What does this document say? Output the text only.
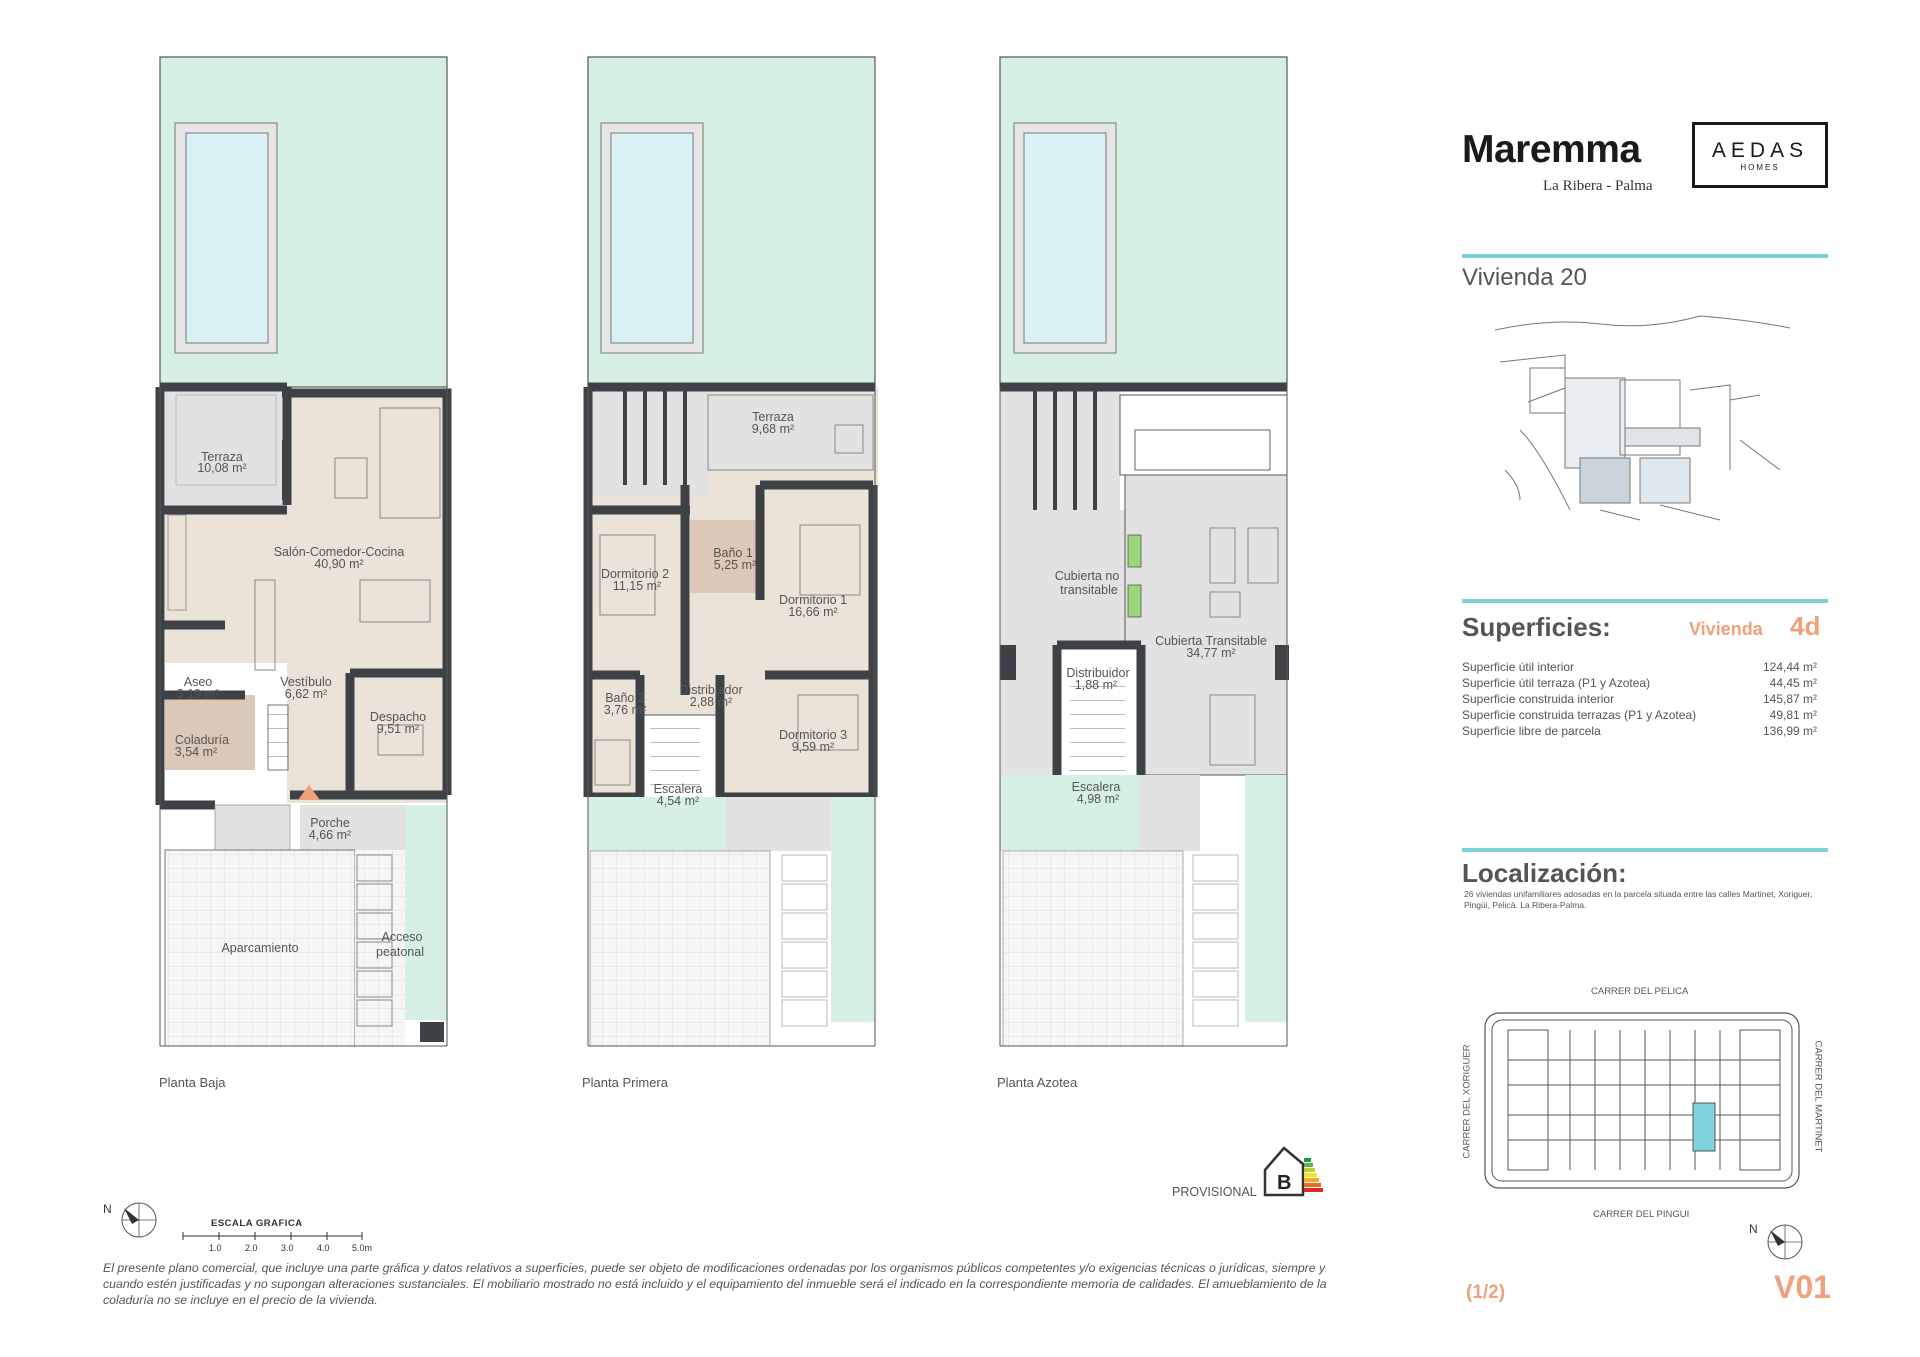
Terraza
10,08 m²
Salón-Comedor-Cocina
40,90 m²
Aseo
3,19 m²
Vestíbulo
6,62 m²
Despacho
9,51 m²
Coladuría
3,54 m²
Porche
4,66 m²
Aparcamiento
Acceso
peatonal
Terraza
9,68 m²
Dormitorio 2
11,15 m²
Baño 1
5,25 m²
Dormitorio 1
16,66 m²
Baño 2
3,76 m²
Distribuidor
2,88 m²
Dormitorio 3
9,59 m²
Escalera
4,54 m²
Cubierta no
transitable
Cubierta Transitable
34,77 m²
Distribuidor
1,88 m²
Escalera
4,98 m²
Planta Baja	Planta Primera	Planta Azotea
N
N
B
Maremma
La Ribera - Palma
AEDAS
HOMES
Vivienda 20
Superficies:	Vivienda 4d
Superficie útil interior	124,44 m²
Superficie útil terraza (P1 y Azotea)	44,45 m²
Superficie construida interior	145,87 m²
Superficie construida terrazas (P1 y Azotea)	49,81 m²
Superficie libre de parcela	136,99 m²
Localización:
26 viviendas unifamiliares adosadas en la parcela situada entre las calles Martinet, Xoriguer, Pingüi, Pelicà. La Ribera-Palma.
CARRER DEL PELICA
CARRER DEL PINGUI
CARRER DEL XORIGUER	CARRER DEL MARTINET
ESCALA GRAFICA
1.0	2.0	3.0	4.0 5.0m
PROVISIONAL
El presente plano comercial, que incluye una parte gráfica y datos relativos a superficies, puede ser objeto de modificaciones ordenadas por los organismos públicos competentes y/o exigencias técnicas o jurídicas, siempre y cuando estén justificadas y no supongan alteraciones sustanciales. El mobiliario mostrado no está incluido y el equipamiento del inmueble será el indicado en la correspondiente memoria de calidades. El amueblamiento de la coladuría no se incluye en el precio de la vivienda.	(1/2)	V01
